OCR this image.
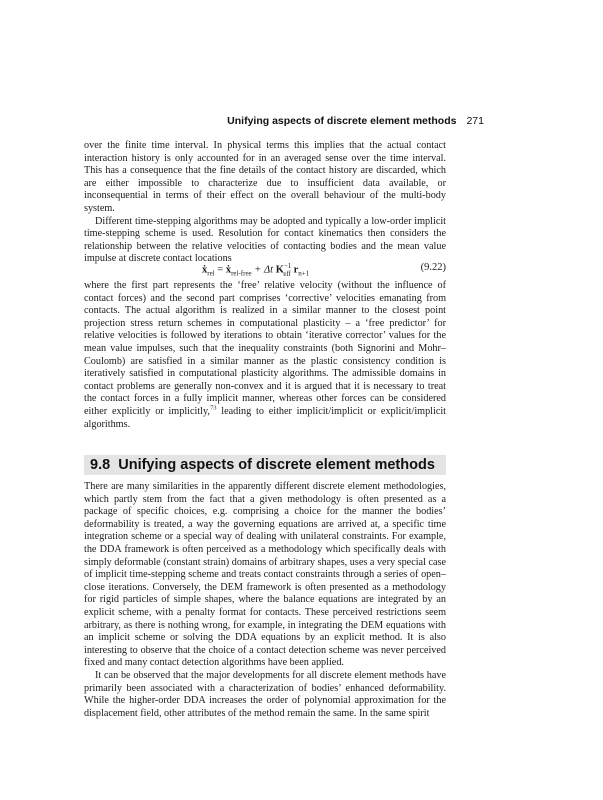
Unifying aspects of discrete element methods 271

over the finite time interval. In physical terms this implies that the actual contact interaction history is only accounted for in an averaged sense over the time interval. This has a consequence that the fine details of the contact history are discarded, which are either impossible to characterize due to insufficient data available, or inconsequential in terms of their effect on the overall behaviour of the multi-body system.

Different time-stepping algorithms may be adopted and typically a low-order implicit time-stepping scheme is used. Resolution for contact kinematics then considers the relationship between the relative velocities of contacting bodies and the mean value impulse at discrete contact locations

ẋ$_{rel}$ = ẋ$_{rel-free}$ + Δt $K^{-1}_{eff}$ $r_{n+1}$
(9.22)

where the first part represents the ‘free’ relative velocity (without the influence of contact forces) and the second part comprises ‘corrective’ velocities emanating from contacts. The actual algorithm is realized in a similar manner to the closest point projection stress return schemes in computational plasticity – a ‘free predictor’ for relative velocities is followed by iterations to obtain ‘iterative corrector’ values for the mean value impulses, such that the inequality constraints (both Signorini and Mohr–Coulomb) are satisfied in a similar manner as the plastic consistency condition is iteratively satisfied in computational plasticity algorithms. The admissible domains in contact problems are generally non-convex and it is argued that it is necessary to treat the contact forces in a fully implicit manner, whereas other forces can be considered either explicitly or implicitly,$^{73}$ leading to either implicit/implicit or explicit/implicit algorithms.

9.8 Unifying aspects of discrete element methods

There are many similarities in the apparently different discrete element methodologies, which partly stem from the fact that a given methodology is often presented as a package of specific choices, e.g. comprising a choice for the manner the bodies’ deformability is treated, a way the governing equations are arrived at, a specific time integration scheme or a special way of dealing with unilateral constraints. For example, the DDA framework is often perceived as a methodology which specifically deals with simply deformable (constant strain) domains of arbitrary shapes, uses a very special case of implicit time-stepping scheme and treats contact constraints through a series of open–close iterations. Conversely, the DEM framework is often presented as a methodology for rigid particles of simple shapes, where the balance equations are integrated by an explicit scheme, with a penalty format for contacts. These perceived restrictions seem arbitrary, as there is nothing wrong, for example, in integrating the DEM equations with an implicit scheme or solving the DDA equations by an explicit method. It is also interesting to observe that the choice of a contact detection scheme was never perceived fixed and many contact detection algorithms have been applied.

It can be observed that the major developments for all discrete element methods have primarily been associated with a characterization of bodies’ enhanced deformability. While the higher-order DDA increases the order of polynomial approximation for the displacement field, other attributes of the method remain the same. In the same spirit
